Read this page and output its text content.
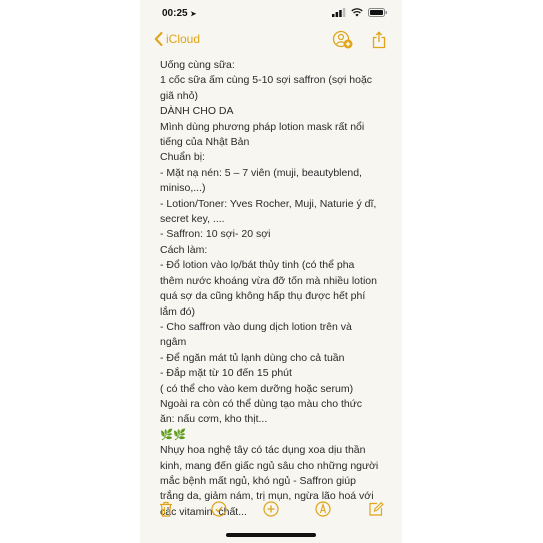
00:25 ➤
iCloud
Uống cùng sữa:
1 cốc sữa ấm cùng 5-10 sợi saffron (sợi hoặc
giã nhỏ)
DÀNH CHO DA
Mình dùng phương pháp lotion mask rất nổi
tiếng của Nhật Bản
Chuẩn bị:
- Mặt nạ nén: 5 – 7 viên (muji, beautyblend,
miniso,...)
- Lotion/Toner: Yves Rocher, Muji, Naturie ý dĩ,
secret key, ....
- Saffron: 10 sợi- 20 sợi
Cách làm:
- Đổ lotion vào lọ/bát thủy tinh (có thể pha
thêm nước khoáng vừa đỡ tốn mà nhiều lotion
quá sợ da cũng không hấp thụ được hết phí
lắm đó)
- Cho saffron vào dung dịch lotion trên và
ngâm
- Để ngăn mát tủ lạnh dùng cho cả tuần
- Đắp mặt từ 10 đến 15 phút
( có thể cho vào kem dưỡng hoặc serum)
Ngoài ra còn có thể dùng tạo màu cho thức
ăn: nấu cơm, kho thịt...
🌿🌿
Nhụy hoa nghệ tây có tác dụng xoa dịu thần
kinh, mang đến giấc ngủ sâu cho những người
mắc bệnh mất ngủ, khó ngủ - Saffron giúp
trắng da, giảm nám, trị mụn, ngừa lão hoá với
các vitamin. chất...
